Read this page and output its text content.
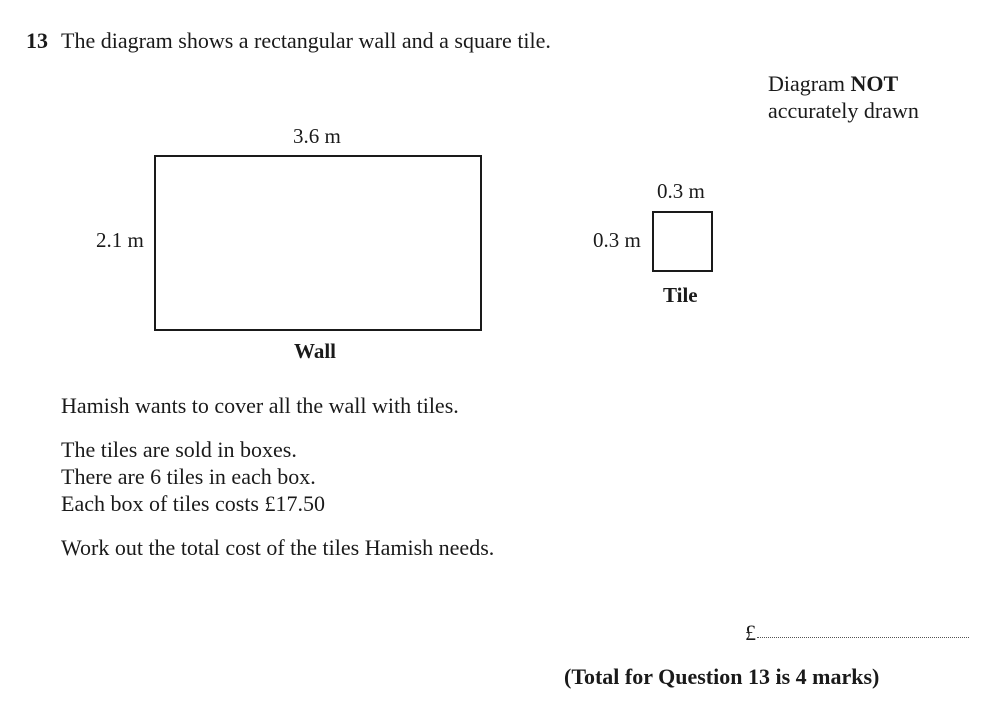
13 The diagram shows a rectangular wall and a square tile.
Diagram NOT
accurately drawn
3.6 m
2.1 m
Wall
0.3 m
0.3 m
Tile
Hamish wants to cover all the wall with tiles.
The tiles are sold in boxes.
There are 6 tiles in each box.
Each box of tiles costs £17.50
Work out the total cost of the tiles Hamish needs.
£
(Total for Question 13 is 4 marks)
